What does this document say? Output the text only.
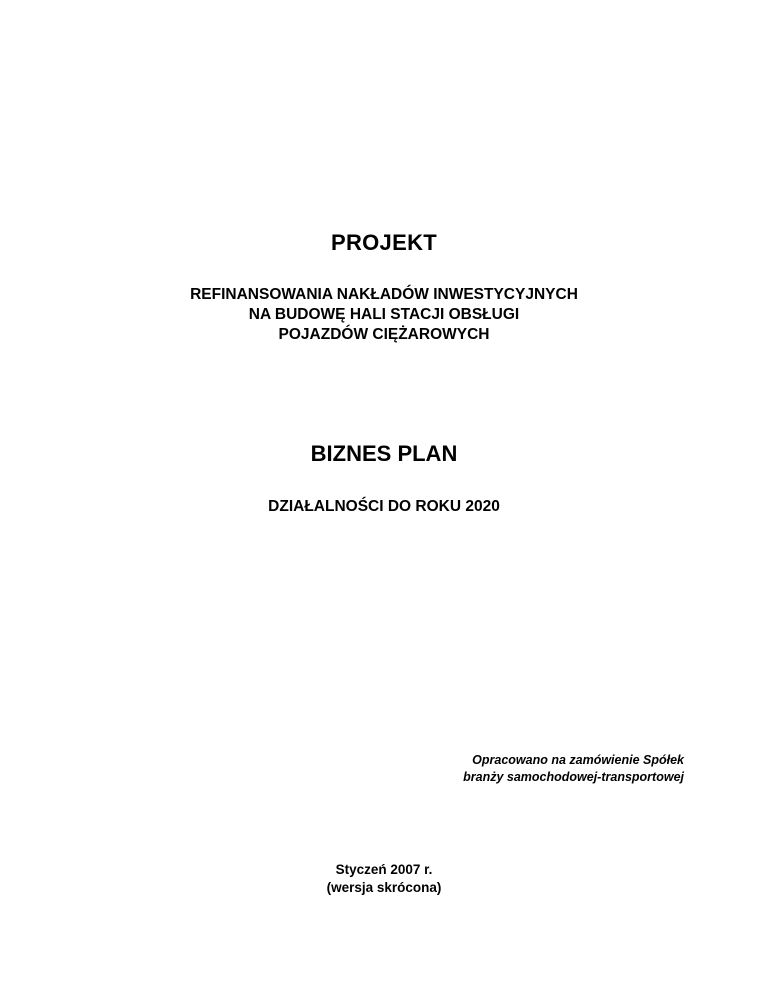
PROJEKT
REFINANSOWANIA NAKŁADÓW INWESTYCYJNYCH
NA BUDOWĘ HALI STACJI OBSŁUGI
POJAZDÓW CIĘŻAROWYCH
BIZNES PLAN
DZIAŁALNOŚCI DO ROKU 2020
Opracowano na zamówienie Spółek
branży samochodowej-transportowej
Styczeń 2007 r.
(wersja skrócona)
